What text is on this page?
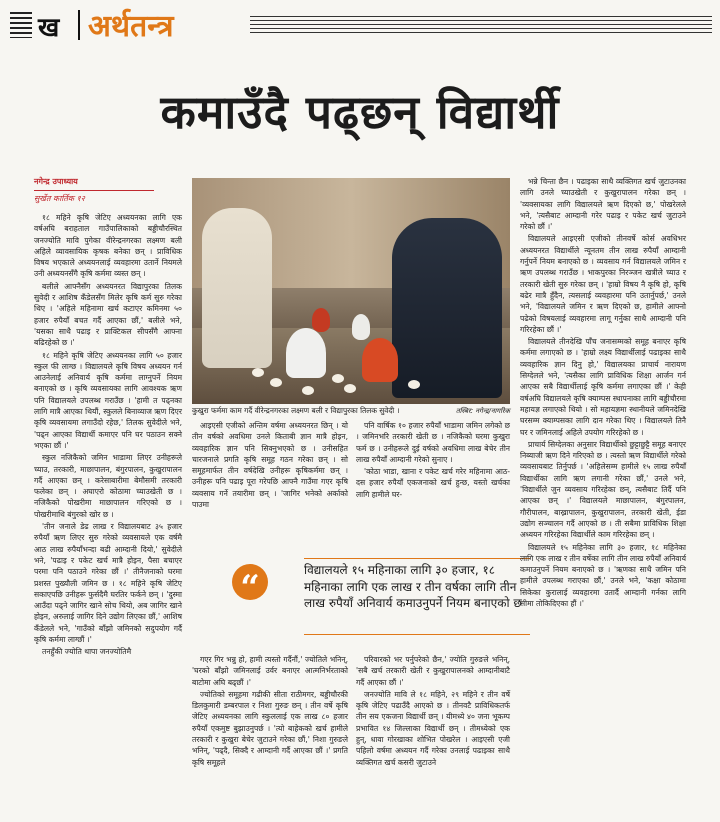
ख अर्थतन्त्र
कमाउँदै पढ्छन् विद्यार्थी
नगेन्द्र उपाध्याय
सुर्खेत कार्तिक १२

१८ महिने कृषि जेटिए अध्ययनका लागि एक वर्षअघि बराहताल गाउँपालिकाको बड्डीचौरस्थित जनज्योति मावि पुगेका वीरेन्द्रनगरका लक्ष्मण बली अहिले व्यावसायिक कृषक बनेका छन् । प्राविधिक विषय भएकाले अध्ययनलाई व्यवहारमा उतार्ने नियमले उनी अध्ययनसँगै कृषि कर्ममा व्यस्त छन् ।

बलीले आफ्नैसँग अध्ययनरत विद्यापुरका तिलक सुवेदी र आशिष कँडेलसँग मिलेर कृषि कर्म सुरु गरेका थिए । 'अहिले महिनामा खर्च कटाएर कमिनमा ५० हजार रुपैयाँ बचत गर्दै आएका छौं,' बलीले भने, 'यसका साथै पढाइ र प्राक्टिकल सीपसँगै आफ्ना बढिरहेको छ ।'

१८ महिने कृषि जेटिए अध्ययनका लागि ५० हजार स्कुल फी लाग्छ । विद्यालयले कृषि विषय अध्ययन गर्न आउनेलाई अनिवार्य कृषि कर्ममा लाग्नुपर्ने नियम बनाएको छ । कृषि व्यवसायका लागि आवश्यक ऋण पनि विद्यालयले उपलब्ध गराउँछ । 'हामी त पढ्नका लागि मात्रै आएका थियौं, स्कुलले बिनाव्याज ऋण दिएर कृषि व्यवसायमा लगाउँदो रहेछ,' तिलक सुवेदीले भने, 'पढ्न आएका विद्यार्थी कमाएर पनि घर पठाउन सक्ने भएका छौं ।'

स्कुल नजिकैको जमिन भाडामा लिएर उनीहरूले च्याउ, तरकारी, माछापालन, बंगुरपालन, कुखुरापालन गर्दै आएका छन् । करेसाबारीमा बेमौसमी तरकारी फलेका छन् । अघाएरो कोठामा च्याउखेती छ । नजिकैको पोखरीमा माछापालन गरिएको छ । पोखरीमाथि बंगुरको खोर छ ।

'तीन जनाले डेढ लाख र विद्यालयबाट ३५ हजार रुपैयाँ ऋण लिएर सुरु गरेको व्यवसायले एक वर्षमै आठ लाख रुपैयाँभन्दा बढी आम्दानी दियो,' सुवेदीले भने, 'पढाइ र पकेट खर्च मात्रै होइन, पैसा बचाएर परमा पनि पठाउने गरेका छौं ।' तीनैजनाको घरमा प्रशस्त पुख्यौली जमिन छ । १८ महिने कृषि जेटिए सकाएपछि उनीहरू फुर्सदैमै घरतिर फर्कने छन् । 'दुस्मा आउँदा पढ्ने जागिर खाने सोच थियो, अब जागिर खाने होइन, अरुलाई जागिर दिने उद्योग लिएका छौं,' आशिष कँडेलले भने, 'गाउँको बाँझो जमिनको सदुपयोग गर्दै कृषि कर्ममा लाग्छौं ।'

तनहुँकी ज्योति थापा जनज्योतिमै

कुखुरा फर्ममा काम गर्दै वीरेन्द्रनगरका लक्ष्मण बली र विद्यापुरका तिलक सुवेदी ।	तस्बिर: नगेन्द्र/नागरिक

आइएसी एजीको अन्तिम वर्षमा अध्ययनरत छिन् । यो तीन वर्षको अवधिमा उनले किताबी ज्ञान मात्रै होइन, व्यवहारिक ज्ञान पनि सिक्नुभएको छ । उनीसहित चारजनाले प्रगति कृषि समूह गठन गरेका छन् । सो समूहमार्फत तीन वर्षदेखि उनीहरू कृषिकर्ममा छन् । उनीहरू पनि पढाइ पूरा गरेपछि आफ्नै गाउँमा गएर कृषि व्यवसाय गर्ने तयारीमा छन् । 'जागिर भनेको अर्काको पाउमा

पनि वार्षिक १० हजार रुपैयाँ भाडामा जमिन लगेको छ । जमिनभरि तरकारी खेती छ । नजिकैको घरमा कुखुरा फर्म छ । उनीहरूले दुई वर्षको अवधिमा लाख बेचेर तीन लाख रुपैयाँ आम्दानी गरेको सुनाए ।

'कोठा भाडा, खाना र पकेट खर्च गरेर महिनामा आठ-दस हजार रुपैयाँ एकजनाको खर्च हुन्छ, यस्तो खर्चका लागि हामीले घर-

“	विद्यालयले १५ महिनाका लागि ३० हजार, १८ महिनाका लागि एक लाख र तीन वर्षका लागि तीन लाख रुपैयाँ अनिवार्य कमाउनुपर्ने नियम बनाएको छ

गएर गिर भन्नु हो, हामी त्यस्तो गर्दैनौं,' ज्योतिले भनिन्, 'घरको बाँझो जमिनलाई उर्वर बनाएर आत्मनिर्भरताको बाटोमा अघि बढ्छौं ।'

ज्योतिको समूहमा गढीकी सीता राठीमगर, बड्डीचौरकी डिलकुमारी डम्बरपाल र निशा गुरुङ छन् । तीन वर्षे कृषि जेटिए अध्ययनका लागि स्कुललाई एक लाख ८० हजार रुपैयाँ एकमुष्ट बुझाउनुपर्छ । 'त्यो बाहेकको खर्च हामीले तरकारी र कुखुरा बेचेर जुटाउने गरेका छौं,' निशा गुरुङले भनिन्, 'पढ्दै, सिक्दै र आम्दानी गर्दै आएका छौं ।' प्रगति कृषि समूहले

परिवारको भर पर्नुपरेको छैन,' ज्योति गुरुङले भनिन्, 'सबै खर्च तरकारी खेती र कुखुरापालनको आम्दानीबाटै गर्दै आएका छौं ।'

जनज्योति मावि ले १८ महिने, २९ महिने र तीन वर्षे कृषि जेटिए पढाउँदै आएको छ । तीनवटै प्राविधिकतर्फ तीन सय एकजना विद्यार्थी छन् । यीमध्ये ४० जना भूकम्प प्रभावित १४ जिल्लाका विद्यार्थी छन् । तीमध्येको एक हुन्, धावा गोरखाका शोभित पोखरेल । आइएसी एजी पहिलो वर्षमा अध्ययन गर्दै गरेका उनलाई पढाइका साथै व्यक्तिगत खर्च कसरी जुटाउने

भन्ने चिन्ता छैन । पढाइका साथै व्यक्तिगत खर्च जुटाउनका लागि उनले च्याउखेती र कुखुरापालन गरेका छन् । 'व्यवसायका लागि विद्यालयले ऋण दिएको छ,' पोखरेलले भने, 'त्यसैबाट आम्दानी गरेर पढाइ र पकेट खर्च जुटाउने गरेको छौं ।'

विद्यालयले आइएसी एजीको तीनवर्षे कोर्स अवधिभर अध्ययनरत विद्यार्थीले न्यूनतम तीन लाख रुपैयाँ आम्दानी गर्नुपर्ने नियम बनाएको छ । व्यवसाय गर्न विद्यालयले जमिन र ऋण उपलब्ध गराउँछ । भाकपुरका निरञ्जन खत्रीले च्याउ र तरकारी खेती सुरु गरेका छन् । 'हाम्रो विषय नै कृषि हो, कृषि बढेर मात्रै हुँदैन, त्यसलाई व्यवहारमा पनि उतार्नुपर्छ,' उनले भने, 'विद्यालयले जमिन र ऋण दिएको छ, हामीले आफ्नो पढेको विषयलाई व्यवहारमा लागू गर्नुका साथै आम्दानी पनि गरिरहेका छौं ।'

विद्यालयले तीनदेखि पाँच जनासम्मको समूह बनाएर कृषि कर्ममा लगाएको छ । 'हाम्रो लक्ष्य विद्यार्थीलाई पढाइका साथै व्यवहारिक ज्ञान दिनु हो,' विद्यालयका प्राचार्य नारायण सिग्देलले भने, 'त्यसैका लागि प्राविधिक शिक्षा आर्जन गर्न आएका सबै विद्यार्थीलाई कृषि कर्ममा लगाएका छौं ।' केही वर्षअघि विद्यालयले कृषि क्याम्पस स्थापनाका लागि बड्डीचौरमा महायज्ञ लगाएको थियो । सो महायज्ञमा स्थानीयले जमिनदेखि घरसम्म क्याम्पसका लागि दान गरेका थिए । विद्यालयले तिनै घर र जमिनलाई अहिले उपयोग गरिरहेको छ ।

प्राचार्य सिग्देलका अनुसार विद्यार्थीको छुट्टाछुट्टै समूह बनाएर निब्याजी ऋण दिने गरिएको छ । त्यस्तो ऋण विद्यार्थीले गरेको व्यवसायबाट तिर्नुपर्छ । 'अहिलेसम्म हामीले १५ लाख रुपैयाँ विद्यार्थीका लागि ऋण लगानी गरेका छौं,' उनले भने, 'विद्यार्थीले जुन व्यवसाय गरिरहेका छन्, त्यसैबाट तिर्दै पनि आएका छन् ।' विद्यालयले माछापालन, बंगुरपालन, गौरीपालन, बाख्रापालन, कुखुरापालन, तरकारी खेती, ईडा उद्योग सञ्चालन गर्दै आएको छ । ती सबैमा प्राविधिक शिक्षा अध्ययन गरिरहेका विद्यार्थीले काम गरिरहेका छन् ।

विद्यालयले १५ महिनेका लागि ३० हजार, १८ महिनेका लागि एक लाख र तीन वर्षेका लागि तीन लाख रुपैयाँ अनिवार्य कमाउनुपर्ने नियम बनाएको छ । 'ऋणका साथै जमिन पनि हामीले उपलब्ध गराएका छौं,' उनले भने, 'कक्षा कोठामा सिकेका कुरालाई व्यवहारमा उतार्दै आम्दानी गर्नका लागि सीमा तोकिदिएका हौं ।'
